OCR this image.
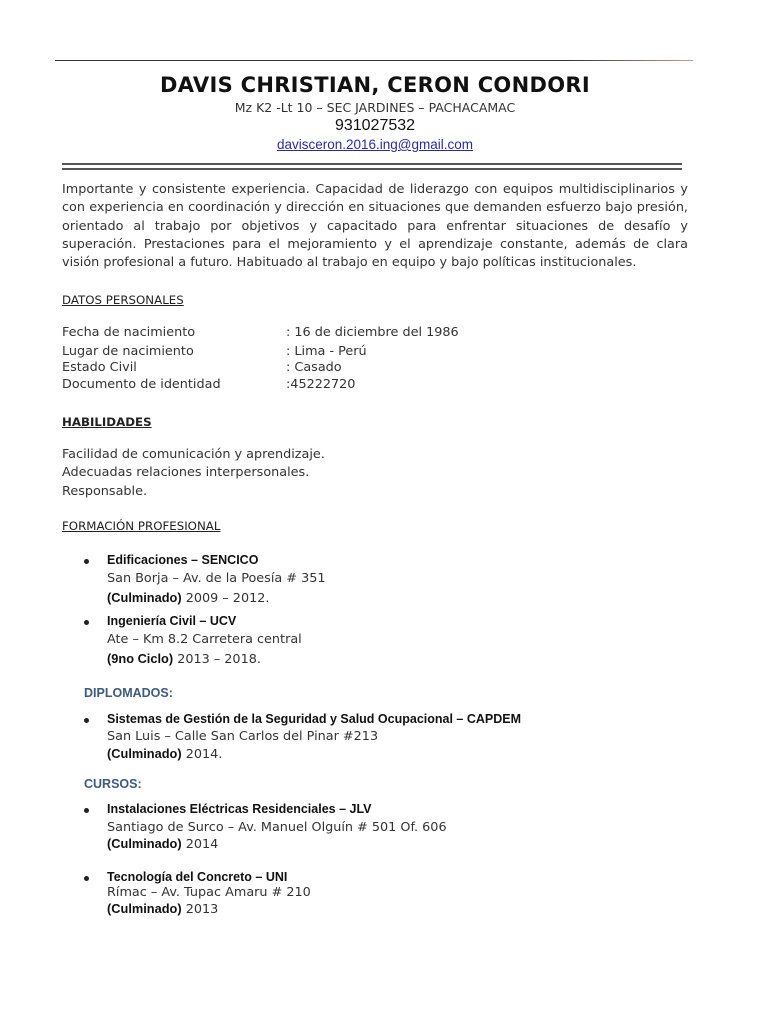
DAVIS CHRISTIAN, CERON CONDORI
Mz K2 -Lt 10 – SEC JARDINES – PACHACAMAC
931027532
davisceron.2016.ing@gmail.com
Importante y consistente experiencia. Capacidad de liderazgo con equipos multidisciplinarios y con experiencia en coordinación y dirección en situaciones que demanden esfuerzo bajo presión, orientado al trabajo por objetivos y capacitado para enfrentar situaciones de desafío y superación. Prestaciones para el mejoramiento y el aprendizaje constante, además de clara visión profesional a futuro. Habituado al trabajo en equipo y bajo políticas institucionales.
DATOS PERSONALES
Fecha de nacimiento	: 16 de diciembre del 1986
Lugar de nacimiento	: Lima - Perú
Estado Civil	: Casado
Documento de identidad	:45222720
HABILIDADES
Facilidad de comunicación y aprendizaje.
Adecuadas relaciones interpersonales.
Responsable.
FORMACIÓN PROFESIONAL
Edificaciones – SENCICO
San Borja – Av. de la Poesía # 351
(Culminado) 2009 – 2012.
Ingeniería Civil – UCV
Ate – Km 8.2 Carretera central
(9no Ciclo) 2013 – 2018.
DIPLOMADOS:
Sistemas de Gestión de la Seguridad y Salud Ocupacional – CAPDEM
San Luis – Calle San Carlos del Pinar #213
(Culminado) 2014.
CURSOS:
Instalaciones Eléctricas Residenciales – JLV
Santiago de Surco – Av. Manuel Olguín # 501 Of. 606
(Culminado) 2014
Tecnología del Concreto – UNI
Rímac – Av. Tupac Amaru # 210
(Culminado) 2013
